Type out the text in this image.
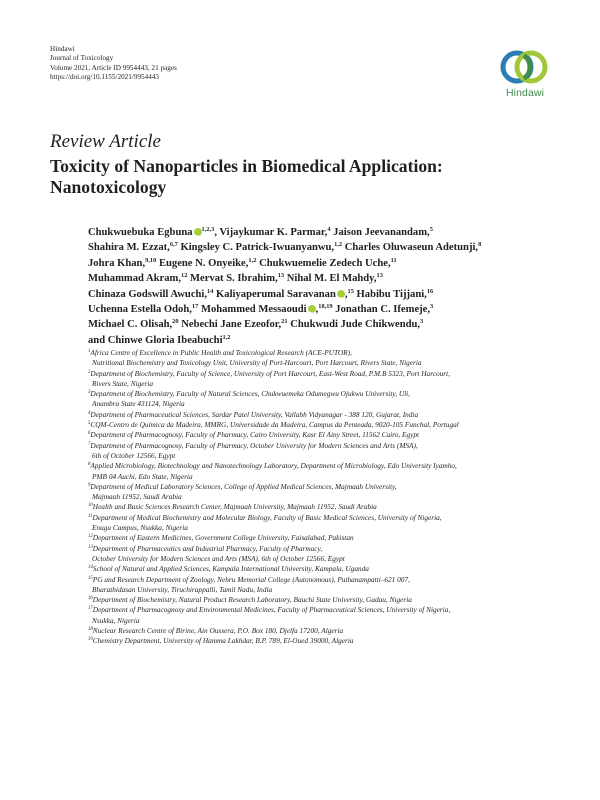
Hindawi
Journal of Toxicology
Volume 2021, Article ID 9954443, 21 pages
https://doi.org/10.1155/2021/9954443
Hindawi
Review Article
Toxicity of Nanoparticles in Biomedical Application:
Nanotoxicology
Chukwuebuka Egbuna iD $^{1,2,3}$, Vijaykumar K. Parmar,$^4$ Jaison Jeevanandam,$^5$
Shahira M. Ezzat,$^{6,7}$ Kingsley C. Patrick-Iwuanyanwu,$^{1,2}$ Charles Oluwaseun Adetunji,$^8$
Johra Khan,$^{9,10}$ Eugene N. Onyeike,$^{1,2}$ Chukwuemelie Zedech Uche,$^{11}$
Muhammad Akram,$^{12}$ Mervat S. Ibrahim,$^{13}$ Nihal M. El Mahdy,$^{13}$
Chinaza Godswill Awuchi,$^{14}$ Kaliyaperumal Saravanan iD ,$^{15}$ Habibu Tijjani,$^{16}$
Uchenna Estella Odoh,$^{17}$ Mohammed Messaoudi iD ,$^{18,19}$ Jonathan C. Ifemeje,$^3$
Michael C. Olisah,$^{20}$ Nebechi Jane Ezeofor,$^{21}$ Chukwudi Jude Chikwendu,$^3$
and Chinwe Gloria Ibeabuchi$^{1,2}$
$^1$Africa Centre of Excellence in Public Health and Toxicological Research (ACE-PUTOR),
Nutritional Biochemistry and Toxicology Unit, University of Port-Harcourt, Port Harcourt, Rivers State, Nigeria
$^2$Department of Biochemistry, Faculty of Science, University of Port Harcourt, East-West Road, P.M.B 5323, Port Harcourt,
Rivers State, Nigeria
$^3$Department of Biochemistry, Faculty of Natural Sciences, Chukwuemeka Odumegwu Ojukwu University, Uli,
Anambra State 431124, Nigeria
$^4$Department of Pharmaceutical Sciences, Sardar Patel University, Vallabh Vidyanagar - 388 120, Gujarat, India
$^5$CQM-Centro de Química da Madeira, MMRG, Universidade da Madeira, Campus da Penteada, 9020-105 Funchal, Portugal
$^6$Department of Pharmacognosy, Faculty of Pharmacy, Cairo University, Kasr El Ainy Street, 11562 Cairo, Egypt
$^7$Department of Pharmacognosy, Faculty of Pharmacy, October University for Modern Sciences and Arts (MSA),
6th of October 12566, Egypt
$^8$Applied Microbiology, Biotechnology and Nanotechnology Laboratory, Department of Microbiology, Edo University Iyamho,
PMB 04 Auchi, Edo State, Nigeria
$^9$Department of Medical Laboratory Sciences, College of Applied Medical Sciences, Majmaah University,
Majmaah 11952, Saudi Arabia
$^{10}$Health and Basic Sciences Research Center, Majmaah University, Majmaah 11952, Saudi Arabia
$^{11}$Department of Medical Biochemistry and Molecular Biology, Faculty of Basic Medical Sciences, University of Nigeria,
Enugu Campus, Nsukka, Nigeria
$^{12}$Department of Eastern Medicines, Government College University, Faisalabad, Pakistan
$^{13}$Department of Pharmaceutics and Industrial Pharmacy, Faculty of Pharmacy,
October University for Modern Sciences and Arts (MSA), 6th of October 12566, Egypt
$^{14}$School of Natural and Applied Sciences, Kampala International University, Kampala, Uganda
$^{15}$PG and Research Department of Zoology, Nehru Memorial College (Autonomous), Puthanampatti–621 007,
Bharathidasan University, Tiruchirappalli, Tamil Nadu, India
$^{16}$Department of Biochemistry, Natural Product Research Laboratory, Bauchi State University, Gadau, Nigeria
$^{17}$Department of Pharmacognosy and Environmental Medicines, Faculty of Pharmaceutical Sciences, University of Nigeria,
Nsukka, Nigeria
$^{18}$Nuclear Research Centre of Birine, Ain Oussera, P.O. Box 180, Djelfa 17200, Algeria
$^{19}$Chemistry Department, University of Hamma Lakhdar, B.P. 789, El-Oued 39000, Algeria
